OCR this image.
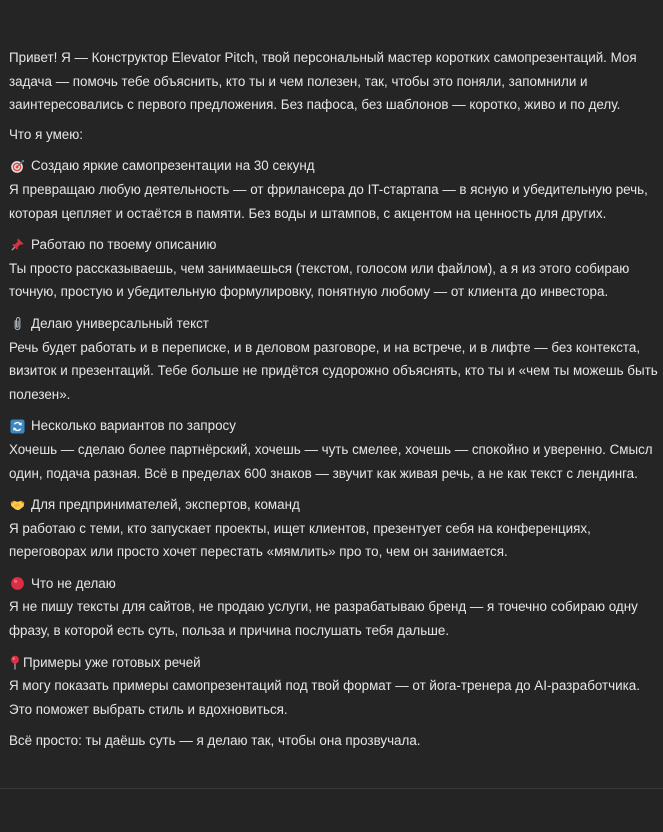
Привет! Я — Конструктор Elevator Pitch, твой персональный мастер коротких самопрезентаций. Моя задача — помочь тебе объяснить, кто ты и чем полезен, так, чтобы это поняли, запомнили и заинтересовались с первого предложения. Без пафоса, без шаблонов — коротко, живо и по делу.

Что я умею:

Создаю яркие самопрезентации на 30 секунд

Я превращаю любую деятельность — от фрилансера до IT-стартапа — в ясную и убедительную речь, которая цепляет и остаётся в памяти. Без воды и штампов, с акцентом на ценность для других.

Работаю по твоему описанию

Ты просто рассказываешь, чем занимаешься (текстом, голосом или файлом), а я из этого собираю точную, простую и убедительную формулировку, понятную любому — от клиента до инвестора.

Делаю универсальный текст

Речь будет работать и в переписке, и в деловом разговоре, и на встрече, и в лифте — без контекста, визиток и презентаций. Тебе больше не придётся судорожно объяснять, кто ты и «чем ты можешь быть полезен».

Несколько вариантов по запросу

Хочешь — сделаю более партнёрский, хочешь — чуть смелее, хочешь — спокойно и уверенно. Смысл один, подача разная. Всё в пределах 600 знаков — звучит как живая речь, а не как текст с лендинга.

Для предпринимателей, экспертов, команд

Я работаю с теми, кто запускает проекты, ищет клиентов, презентует себя на конференциях, переговорах или просто хочет перестать «мямлить» про то, чем он занимается.

Что не делаю

Я не пишу тексты для сайтов, не продаю услуги, не разрабатываю бренд — я точечно собираю одну фразу, в которой есть суть, польза и причина послушать тебя дальше.

Примеры уже готовых речей

Я могу показать примеры самопрезентаций под твой формат — от йога-тренера до AI-разработчика. Это поможет выбрать стиль и вдохновиться.

Всё просто: ты даёшь суть — я делаю так, чтобы она прозвучала.
